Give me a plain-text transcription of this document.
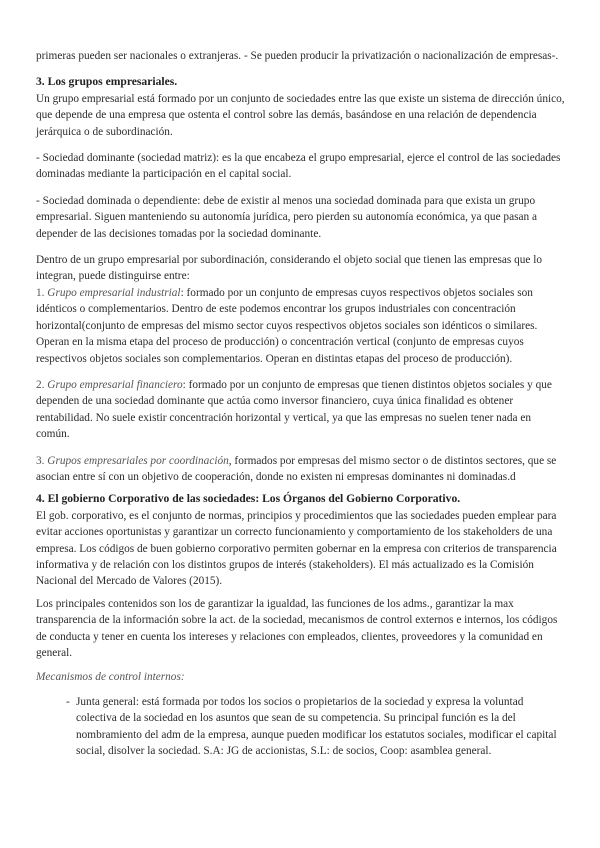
primeras pueden ser nacionales o extranjeras. - Se pueden producir la privatización o nacionalización de empresas-.

3. Los grupos empresariales.

Un grupo empresarial está formado por un conjunto de sociedades entre las que existe un sistema de dirección único, que depende de una empresa que ostenta el control sobre las demás, basándose en una relación de dependencia jerárquica o de subordinación.

- Sociedad dominante (sociedad matriz): es la que encabeza el grupo empresarial, ejerce el control de las sociedades dominadas mediante la participación en el capital social.

- Sociedad dominada o dependiente: debe de existir al menos una sociedad dominada para que exista un grupo empresarial. Siguen manteniendo su autonomía jurídica, pero pierden su autonomía económica, ya que pasan a depender de las decisiones tomadas por la sociedad dominante.

Dentro de un grupo empresarial por subordinación, considerando el objeto social que tienen las empresas que lo integran, puede distinguirse entre:

1. Grupo empresarial industrial: formado por un conjunto de empresas cuyos respectivos objetos sociales son idénticos o complementarios. Dentro de este podemos encontrar los grupos industriales con concentración horizontal(conjunto de empresas del mismo sector cuyos respectivos objetos sociales son idénticos o similares. Operan en la misma etapa del proceso de producción) o concentración vertical (conjunto de empresas cuyos respectivos objetos sociales son complementarios. Operan en distintas etapas del proceso de producción).

2. Grupo empresarial financiero: formado por un conjunto de empresas que tienen distintos objetos sociales y que dependen de una sociedad dominante que actúa como inversor financiero, cuya única finalidad es obtener rentabilidad. No suele existir concentración horizontal y vertical, ya que las empresas no suelen tener nada en común.

3. Grupos empresariales por coordinación, formados por empresas del mismo sector o de distintos sectores, que se asocian entre sí con un objetivo de cooperación, donde no existen ni empresas dominantes ni dominadas.d

4. El gobierno Corporativo de las sociedades: Los Órganos del Gobierno Corporativo.

El gob. corporativo, es el conjunto de normas, principios y procedimientos que las sociedades pueden emplear para evitar acciones oportunistas y garantizar un correcto funcionamiento y comportamiento de los stakeholders de una empresa. Los códigos de buen gobierno corporativo permiten gobernar en la empresa con criterios de transparencia informativa y de relación con los distintos grupos de interés (stakeholders). El más actualizado es la Comisión Nacional del Mercado de Valores (2015).

Los principales contenidos son los de garantizar la igualdad, las funciones de los adms., garantizar la max transparencia de la información sobre la act. de la sociedad, mecanismos de control externos e internos, los códigos de conducta y tener en cuenta los intereses y relaciones con empleados, clientes, proveedores y la comunidad en general.

Mecanismos de control internos:

- Junta general: está formada por todos los socios o propietarios de la sociedad y expresa la voluntad colectiva de la sociedad en los asuntos que sean de su competencia. Su principal función es la del nombramiento del adm de la empresa, aunque pueden modificar los estatutos sociales, modificar el capital social, disolver la sociedad. S.A: JG de accionistas, S.L: de socios, Coop: asamblea general.
